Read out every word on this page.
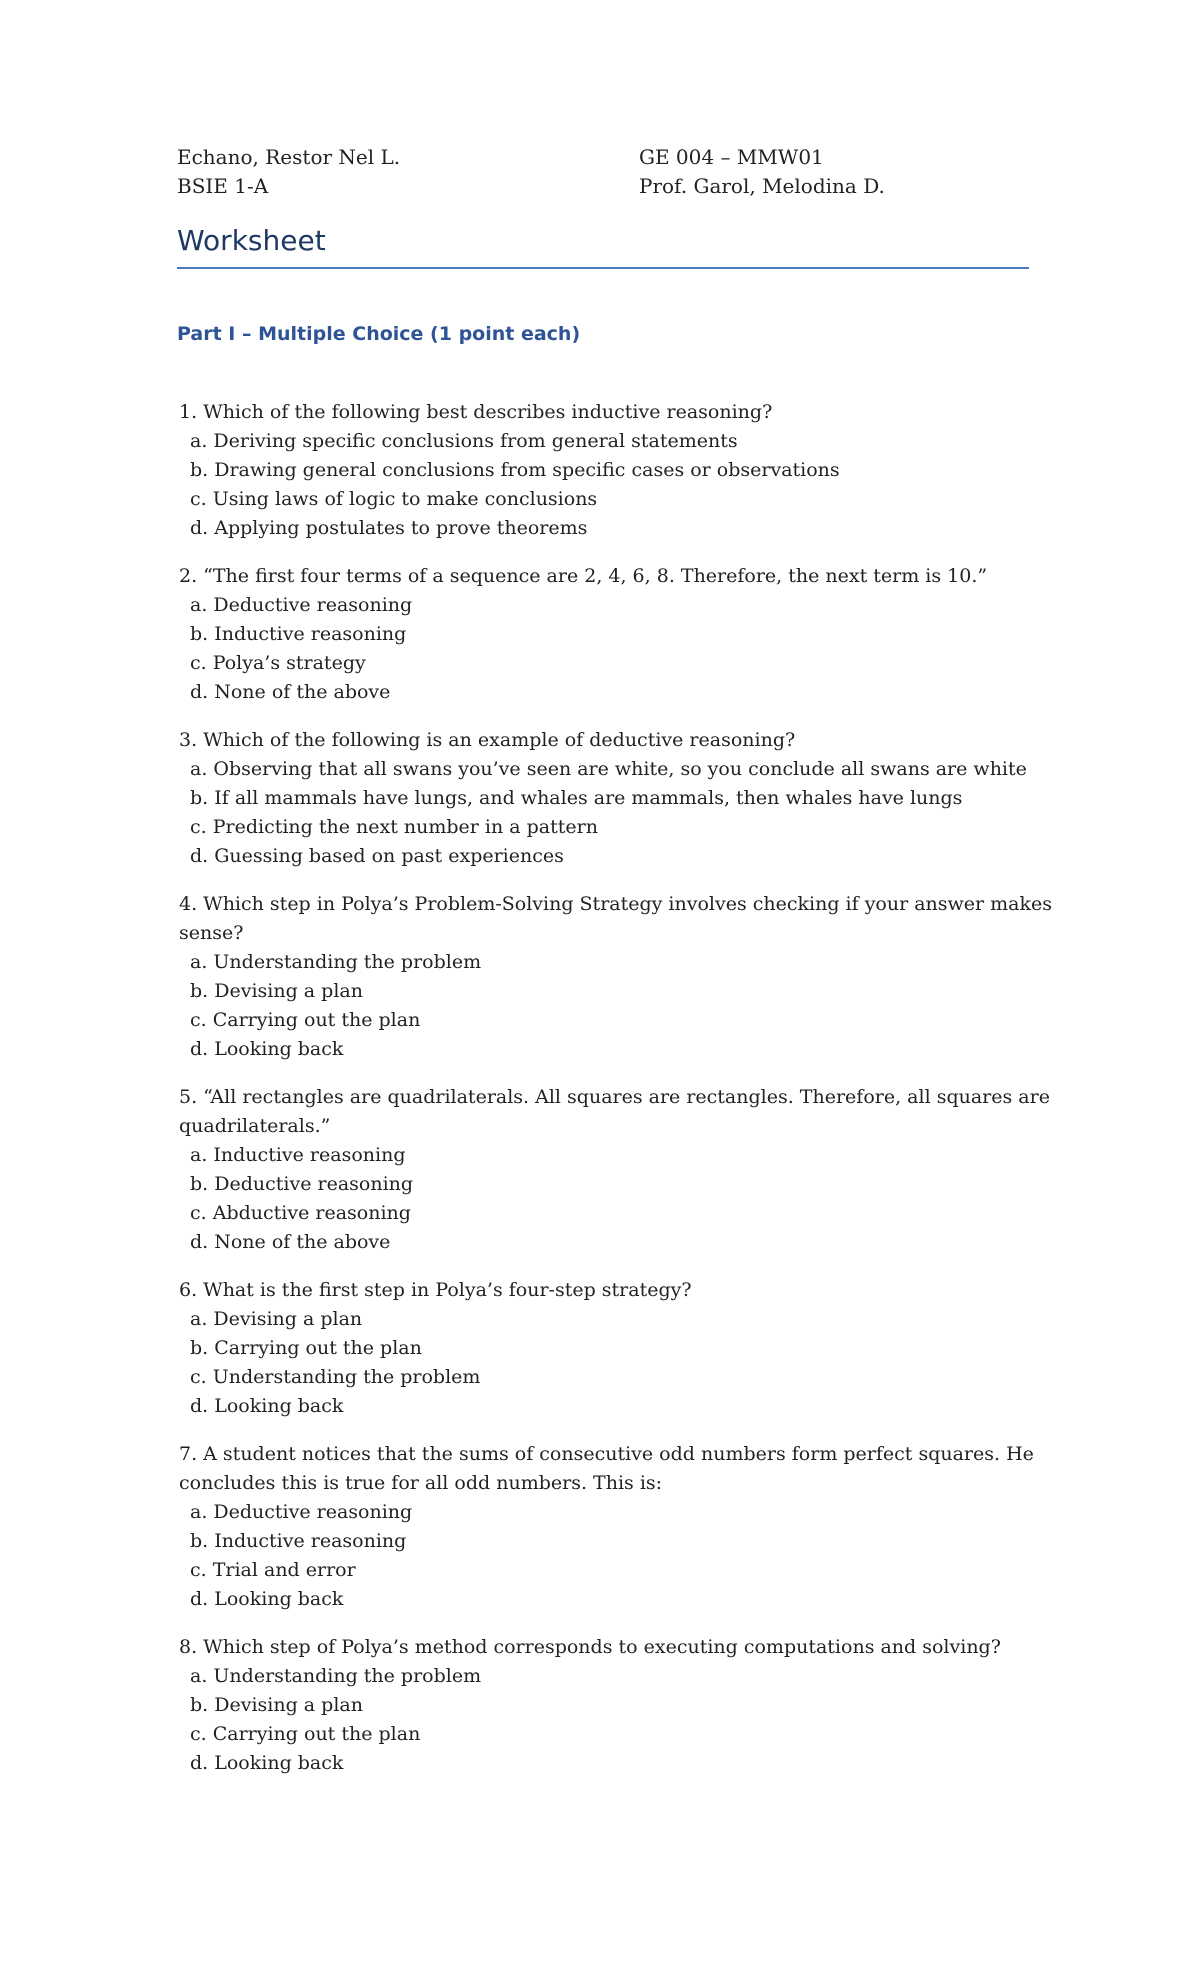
Echano, Restor Nel L.
BSIE 1-A
GE 004 – MMW01
Prof. Garol, Melodina D.
Worksheet
Part I – Multiple Choice (1 point each)
1. Which of the following best describes inductive reasoning?
a. Deriving specific conclusions from general statements
b. Drawing general conclusions from specific cases or observations
c. Using laws of logic to make conclusions
d. Applying postulates to prove theorems
2. “The first four terms of a sequence are 2, 4, 6, 8. Therefore, the next term is 10.”
a. Deductive reasoning
b. Inductive reasoning
c. Polya’s strategy
d. None of the above
3. Which of the following is an example of deductive reasoning?
a. Observing that all swans you’ve seen are white, so you conclude all swans are white
b. If all mammals have lungs, and whales are mammals, then whales have lungs
c. Predicting the next number in a pattern
d. Guessing based on past experiences
4. Which step in Polya’s Problem-Solving Strategy involves checking if your answer makes sense?
a. Understanding the problem
b. Devising a plan
c. Carrying out the plan
d. Looking back
5. “All rectangles are quadrilaterals. All squares are rectangles. Therefore, all squares are quadrilaterals.”
a. Inductive reasoning
b. Deductive reasoning
c. Abductive reasoning
d. None of the above
6. What is the first step in Polya’s four-step strategy?
a. Devising a plan
b. Carrying out the plan
c. Understanding the problem
d. Looking back
7. A student notices that the sums of consecutive odd numbers form perfect squares. He concludes this is true for all odd numbers. This is:
a. Deductive reasoning
b. Inductive reasoning
c. Trial and error
d. Looking back
8. Which step of Polya’s method corresponds to executing computations and solving?
a. Understanding the problem
b. Devising a plan
c. Carrying out the plan
d. Looking back
